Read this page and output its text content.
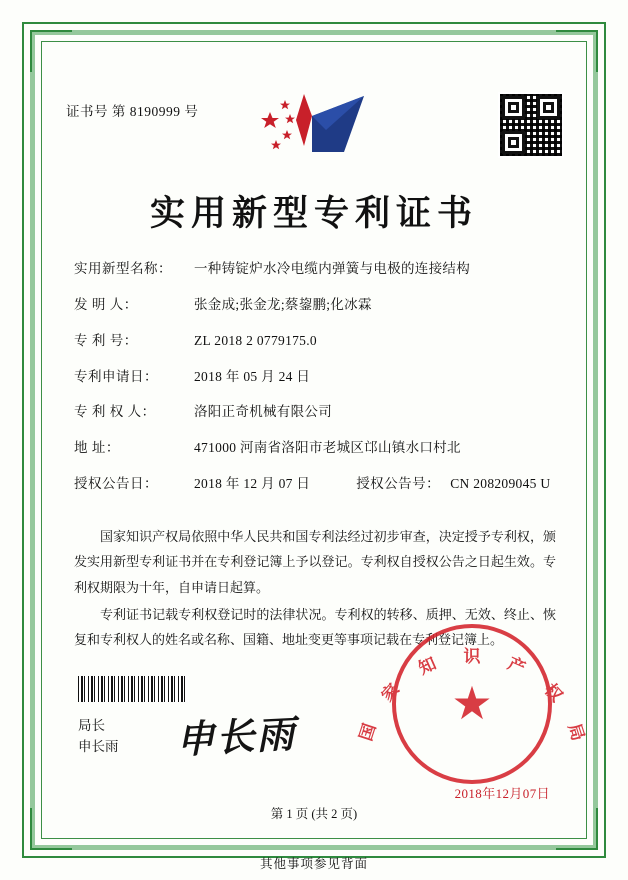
证书号 第 8190999 号
实用新型专利证书
实用新型名称：	一种铸锭炉水冷电缆内弹簧与电极的连接结构
发 明 人：	张金成;张金龙;蔡鋆鹏;化冰霖
专 利 号：	ZL 2018 2 0779175.0
专利申请日：	2018 年 05 月 24 日
专 利 权 人：	洛阳正奇机械有限公司
地 址：	471000 河南省洛阳市老城区邙山镇水口村北
授权公告日：	2018 年 12 月 07 日	授权公告号： CN 208209045 U

国家知识产权局依照中华人民共和国专利法经过初步审查，决定授予专利权，颁发实用新型专利证书并在专利登记簿上予以登记。专利权自授权公告之日起生效。专利权期限为十年，自申请日起算。

专利证书记载专利权登记时的法律状况。专利权的转移、质押、无效、终止、恢复和专利权人的姓名或名称、国籍、地址变更等事项记载在专利登记簿上。

局长
申长雨 申长雨
★
国
家
知 识 产
权
局
2018年12月07日
第 1 页 (共 2 页)
其他事项参见背面
